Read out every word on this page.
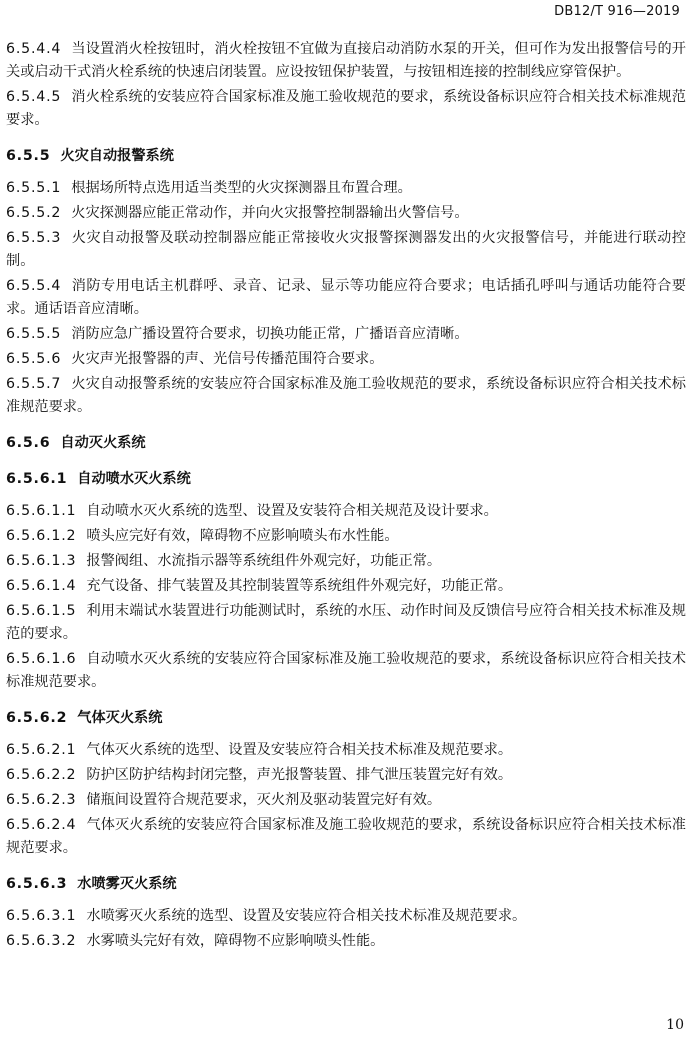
DB12/T 916—2019
6.5.4.4 当设置消火栓按钮时，消火栓按钮不宜做为直接启动消防水泵的开关，但可作为发出报警信号的开关或启动干式消火栓系统的快速启闭装置。应设按钮保护装置，与按钮相连接的控制线应穿管保护。
6.5.4.5 消火栓系统的安装应符合国家标准及施工验收规范的要求，系统设备标识应符合相关技术标准规范要求。
6.5.5 火灾自动报警系统
6.5.5.1 根据场所特点选用适当类型的火灾探测器且布置合理。
6.5.5.2 火灾探测器应能正常动作，并向火灾报警控制器输出火警信号。
6.5.5.3 火灾自动报警及联动控制器应能正常接收火灾报警探测器发出的火灾报警信号，并能进行联动控制。
6.5.5.4 消防专用电话主机群呼、录音、记录、显示等功能应符合要求；电话插孔呼叫与通话功能符合要求。通话语音应清晰。
6.5.5.5 消防应急广播设置符合要求，切换功能正常，广播语音应清晰。
6.5.5.6 火灾声光报警器的声、光信号传播范围符合要求。
6.5.5.7 火灾自动报警系统的安装应符合国家标准及施工验收规范的要求，系统设备标识应符合相关技术标准规范要求。
6.5.6 自动灭火系统
6.5.6.1 自动喷水灭火系统
6.5.6.1.1 自动喷水灭火系统的选型、设置及安装符合相关规范及设计要求。
6.5.6.1.2 喷头应完好有效，障碍物不应影响喷头布水性能。
6.5.6.1.3 报警阀组、水流指示器等系统组件外观完好，功能正常。
6.5.6.1.4 充气设备、排气装置及其控制装置等系统组件外观完好，功能正常。
6.5.6.1.5 利用末端试水装置进行功能测试时，系统的水压、动作时间及反馈信号应符合相关技术标准及规范的要求。
6.5.6.1.6 自动喷水灭火系统的安装应符合国家标准及施工验收规范的要求，系统设备标识应符合相关技术标准规范要求。
6.5.6.2 气体灭火系统
6.5.6.2.1 气体灭火系统的选型、设置及安装应符合相关技术标准及规范要求。
6.5.6.2.2 防护区防护结构封闭完整，声光报警装置、排气泄压装置完好有效。
6.5.6.2.3 储瓶间设置符合规范要求，灭火剂及驱动装置完好有效。
6.5.6.2.4 气体灭火系统的安装应符合国家标准及施工验收规范的要求，系统设备标识应符合相关技术标准规范要求。
6.5.6.3 水喷雾灭火系统
6.5.6.3.1 水喷雾灭火系统的选型、设置及安装应符合相关技术标准及规范要求。
6.5.6.3.2 水雾喷头完好有效，障碍物不应影响喷头性能。
10
